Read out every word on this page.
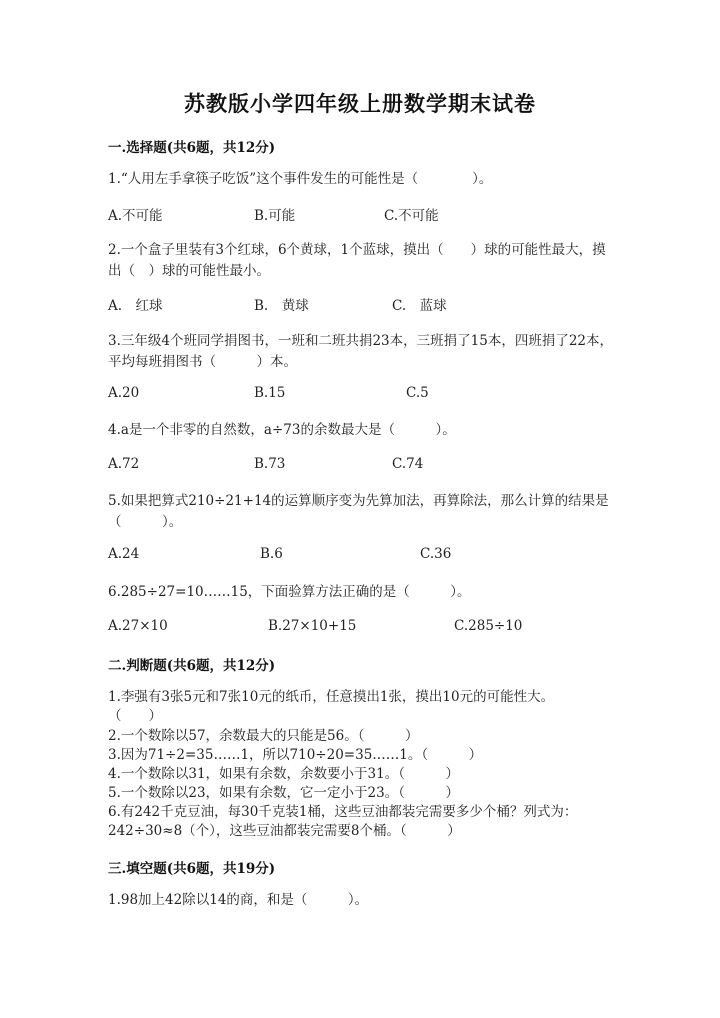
苏教版小学四年级上册数学期末试卷
一.选择题(共6题，共12分)
1.“人用左手拿筷子吃饭”这个事件发生的可能性是（　　　　）。
A.不可能	B.可能	C.不可能
2.一个盒子里装有3个红球，6个黄球，1个蓝球，摸出（　　）球的可能性最大，摸出（　）球的可能性最小。
A.　红球	B.　黄球	C.　蓝球
3.三年级4个班同学捐图书，一班和二班共捐23本，三班捐了15本，四班捐了22本，平均每班捐图书（　　　）本。
A.20	B.15	C.5
4.a是一个非零的自然数，a÷73的余数最大是（　　　）。
A.72	B.73	C.74
5.如果把算式210÷21+14的运算顺序变为先算加法，再算除法，那么计算的结果是（　　　）。
A.24	B.6	C.36
6.285÷27=10……15，下面验算方法正确的是（　　　）。
A.27×10	B.27×10+15	C.285÷10
二.判断题(共6题，共12分)
1.李强有3张5元和7张10元的纸币，任意摸出1张，摸出10元的可能性大。　　　（　　）
2.一个数除以57，余数最大的只能是56。（　　　）
3.因为71÷2=35……1，所以710÷20=35……1。（　　　）
4.一个数除以31，如果有余数，余数要小于31。（　　　）
5.一个数除以23，如果有余数，它一定小于23。（　　　）
6.有242千克豆油，每30千克装1桶，这些豆油都装完需要多少个桶？列式为：242÷30≈8（个），这些豆油都装完需要8个桶。（　　　）
三.填空题(共6题，共19分)
1.98加上42除以14的商，和是（　　　）。
